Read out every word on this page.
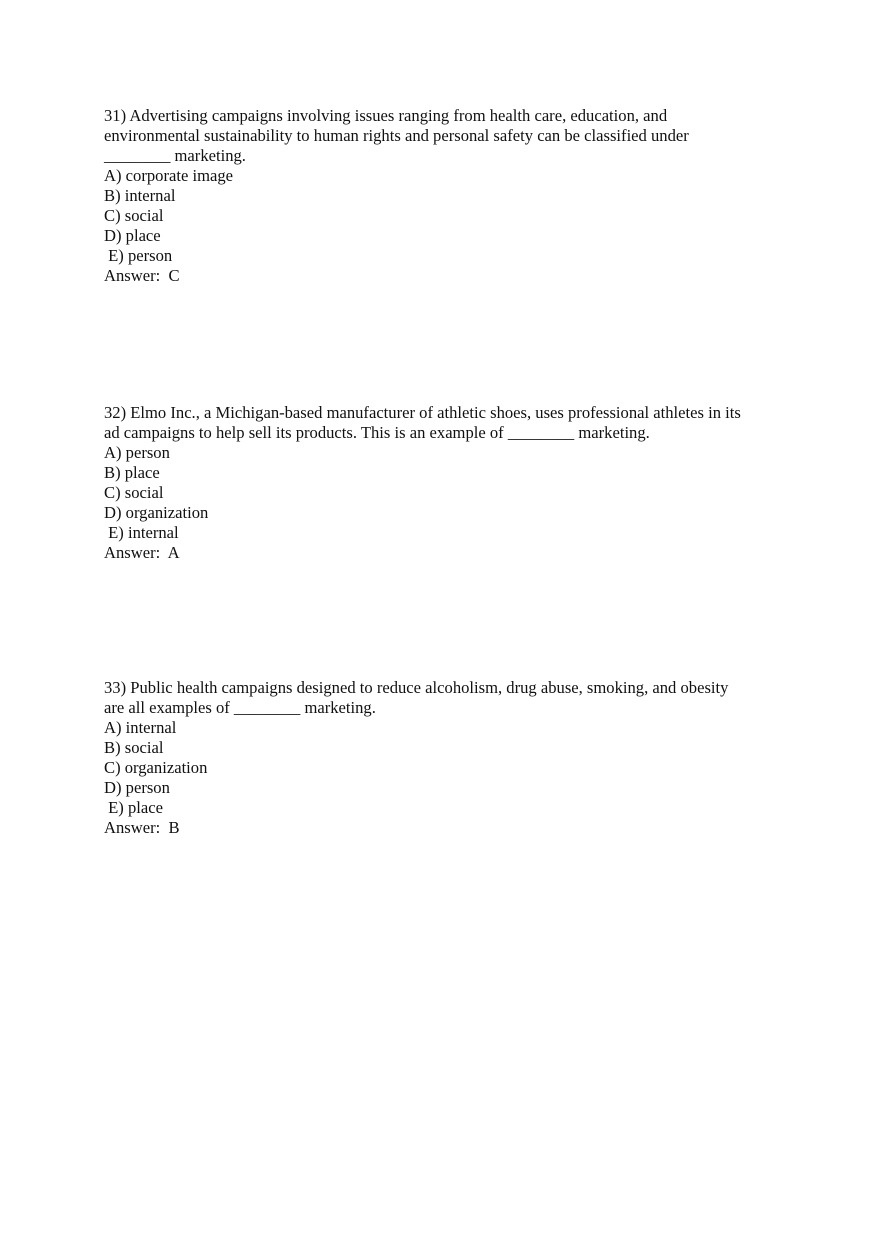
31) Advertising campaigns involving issues ranging from health care, education, and
environmental sustainability to human rights and personal safety can be classified under
________ marketing.
A) corporate image
B) internal
C) social
D) place
E) person
Answer:  C
32) Elmo Inc., a Michigan-based manufacturer of athletic shoes, uses professional athletes in its
ad campaigns to help sell its products. This is an example of ________ marketing.
A) person
B) place
C) social
D) organization
E) internal
Answer:  A
33) Public health campaigns designed to reduce alcoholism, drug abuse, smoking, and obesity
are all examples of ________ marketing.
A) internal
B) social
C) organization
D) person
E) place
Answer:  B
